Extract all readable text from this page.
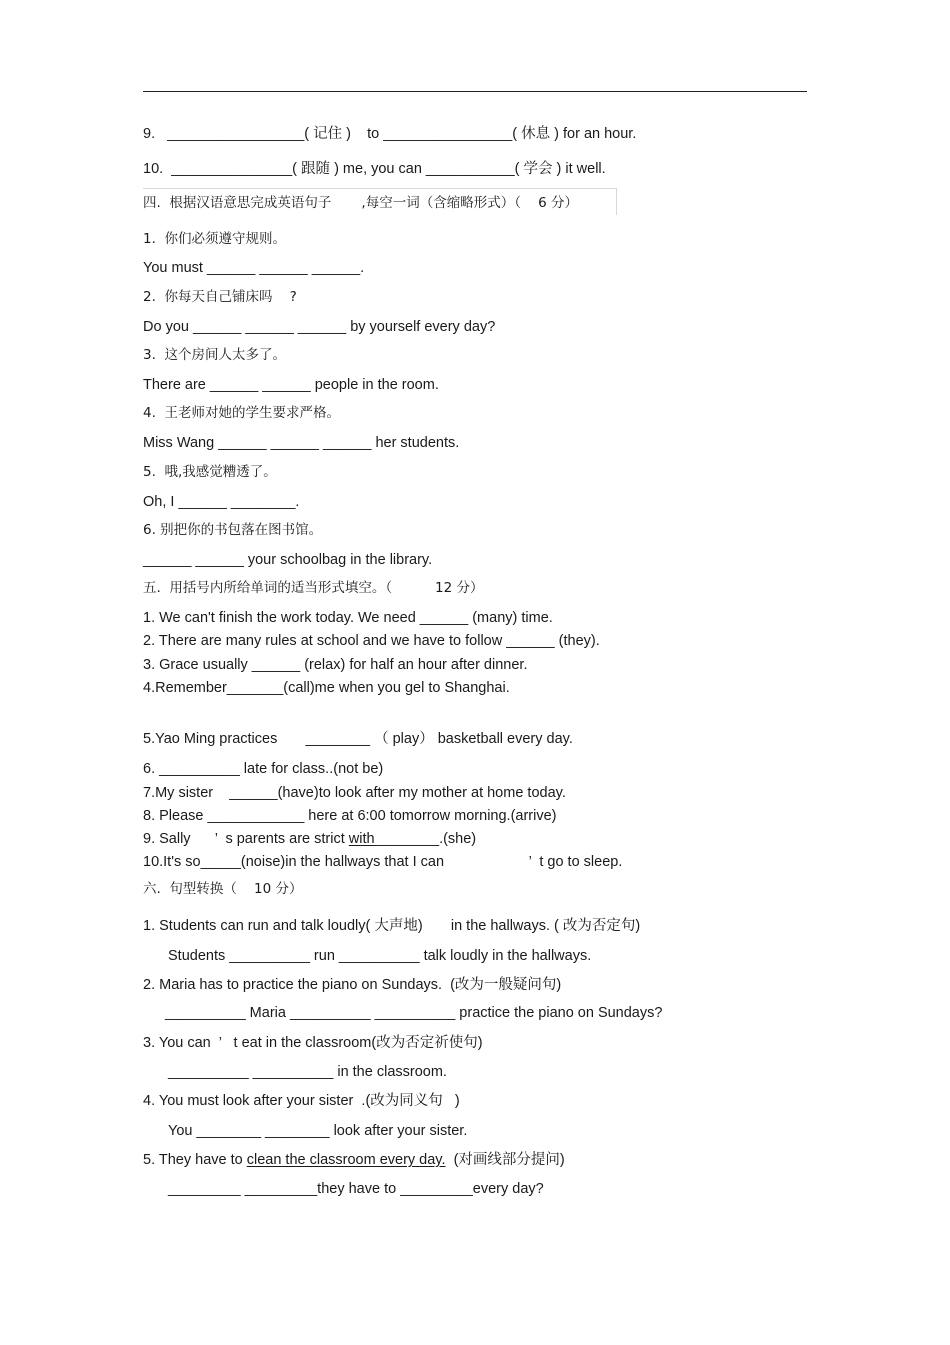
9.   _________________( 记住 )    to ________________( 休息 ) for an hour.
10.  _______________( 跟随 ) me, you can ___________( 学会 ) it well.
四.  根据汉语意思完成英语句子       ,每空一词（含缩略形式）（    6 分）
1.  你们必须遵守规则。
You must ______ ______ ______.
2.  你每天自己铺床吗    ?
Do you ______ ______ ______ by yourself every day?
3.  这个房间人太多了。
There are ______ ______ people in the room.
4.  王老师对她的学生要求严格。
Miss Wang ______ ______ ______ her students.
5.  哦,我感觉糟透了。
Oh, I ______ ________.
6. 别把你的书包落在图书馆。
______ ______ your schoolbag in the library.
五.  用括号内所给单词的适当形式填空。（          12 分）
1. We can't finish the work today. We need ______ (many) time.
2. There are many rules at school and we have to follow ______ (they).
3. Grace usually ______ (relax) for half an hour after dinner.
4.Remember_______(call)me when you gel to Shanghai.
5.Yao Ming practices       ________ （ play） basketball every day.
6. __________ late for class..(not be)
7.My sister    ______(have)to look after my mother at home today.
8. Please ____________ here at 6:00 tomorrow morning.(arrive)
9. Sally      ’  s parents are strict with________.(she)
10.It's so_____(noise)in the hallways that I can                     ’  t go to sleep.
六.  句型转换（    10 分）
1. Students can run and talk loudly( 大声地)       in the hallways. ( 改为否定句)
Students __________ run __________ talk loudly in the hallways.
2. Maria has to practice the piano on Sundays.  (改为一般疑问句)
__________ Maria __________ __________ practice the piano on Sundays?
3. You can  ’   t eat in the classroom(改为否定祈使句)
__________ __________ in the classroom.
4. You must look after your sister  .(改为同义句   )
You ________ ________ look after your sister.
5. They have to clean the classroom every day.  (对画线部分提问)
_________ _________they have to _________every day?
